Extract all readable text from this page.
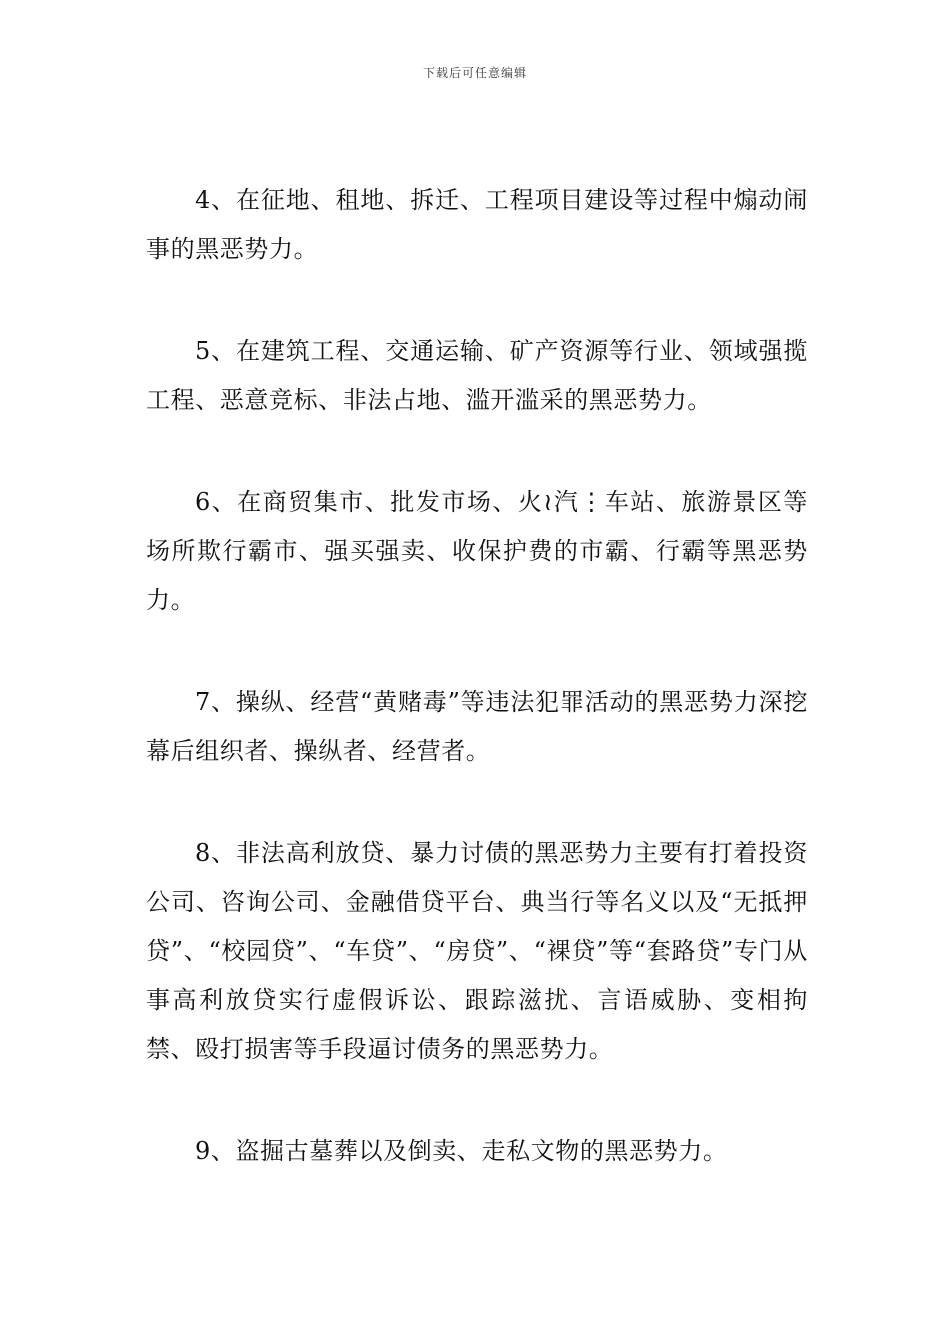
下载后可任意编辑

4、在征地、租地、拆迁、工程项目建设等过程中煽动闹事的黑恶势力。

5、在建筑工程、交通运输、矿产资源等行业、领域强揽工程、恶意竞标、非法占地、滥开滥采的黑恶势力。

6、在商贸集市、批发市场、火≀汽⋮车站、旅游景区等场所欺行霸市、强买强卖、收保护费的市霸、行霸等黑恶势力。

7、操纵、经营“黄赌毒”等违法犯罪活动的黑恶势力深挖幕后组织者、操纵者、经营者。

8、非法高利放贷、暴力讨债的黑恶势力主要有打着投资公司、咨询公司、金融借贷平台、典当行等名义以及“无抵押贷”、“校园贷”、“车贷”、“房贷”、“裸贷”等“套路贷”专门从事高利放贷实行虚假诉讼、跟踪滋扰、言语威胁、变相拘禁、殴打损害等手段逼讨债务的黑恶势力。

9、盗掘古墓葬以及倒卖、走私文物的黑恶势力。
